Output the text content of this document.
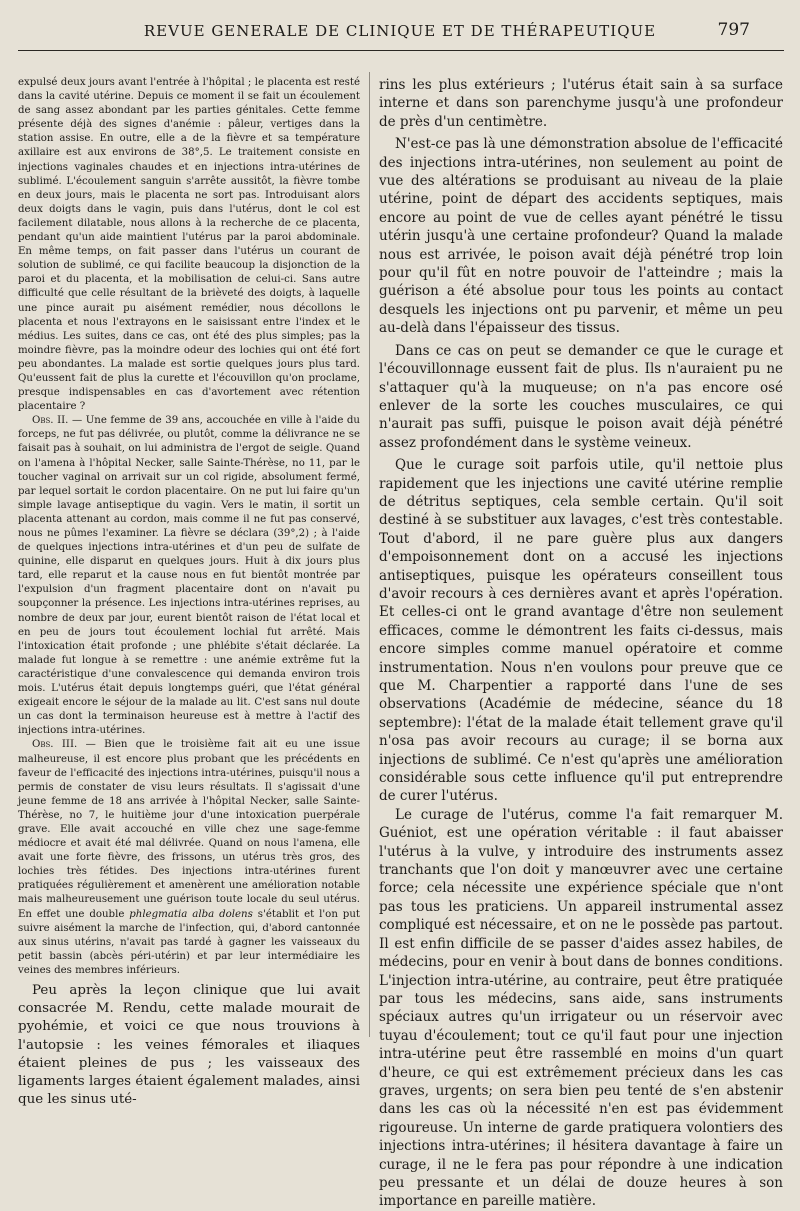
REVUE GENERALE DE CLINIQUE ET DE THÉRAPEUTIQUE	797

expulsé deux jours avant l'entrée à l'hôpital ; le placenta est resté dans la cavité utérine. Depuis ce moment il se fait un écoulement de sang assez abondant par les parties génitales. Cette femme présente déjà des signes d'anémie : pâleur, vertiges dans la station assise. En outre, elle a de la fièvre et sa température axillaire est aux environs de 38°,5. Le traitement consiste en injections vaginales chaudes et en injections intra-utérines de sublimé. L'écoulement sanguin s'arrête aussitôt, la fièvre tombe en deux jours, mais le placenta ne sort pas. Introduisant alors deux doigts dans le vagin, puis dans l'utérus, dont le col est facilement dilatable, nous allons à la recherche de ce placenta, pendant qu'un aide maintient l'utérus par la paroi abdominale. En même temps, on fait passer dans l'utérus un courant de solution de sublimé, ce qui facilite beaucoup la disjonction de la paroi et du placenta, et la mobilisation de celui-ci. Sans autre difficulté que celle résultant de la brièveté des doigts, à laquelle une pince aurait pu aisément remédier, nous décollons le placenta et nous l'extrayons en le saisissant entre l'index et le médius. Les suites, dans ce cas, ont été des plus simples; pas la moindre fièvre, pas la moindre odeur des lochies qui ont été fort peu abondantes. La malade est sortie quelques jours plus tard. Qu'eussent fait de plus la curette et l'écouvillon qu'on proclame, presque indispensables en cas d'avortement avec rétention placentaire ?

Obs. II. — Une femme de 39 ans, accouchée en ville à l'aide du forceps, ne fut pas délivrée, ou plutôt, comme la délivrance ne se faisait pas à souhait, on lui administra de l'ergot de seigle. Quand on l'amena à l'hôpital Necker, salle Sainte-Thérèse, no 11, par le toucher vaginal on arrivait sur un col rigide, absolument fermé, par lequel sortait le cordon placentaire. On ne put lui faire qu'un simple lavage antiseptique du vagin. Vers le matin, il sortit un placenta attenant au cordon, mais comme il ne fut pas conservé, nous ne pûmes l'examiner. La fièvre se déclara (39°,2) ; à l'aide de quelques injections intra-utérines et d'un peu de sulfate de quinine, elle disparut en quelques jours. Huit à dix jours plus tard, elle reparut et la cause nous en fut bientôt montrée par l'expulsion d'un fragment placentaire dont on n'avait pu soupçonner la présence. Les injections intra-utérines reprises, au nombre de deux par jour, eurent bientôt raison de l'état local et en peu de jours tout écoulement lochial fut arrêté. Mais l'intoxication était profonde ; une phlébite s'était déclarée. La malade fut longue à se remettre : une anémie extrême fut la caractéristique d'une convalescence qui demanda environ trois mois. L'utérus était depuis longtemps guéri, que l'état général exigeait encore le séjour de la malade au lit. C'est sans nul doute un cas dont la terminaison heureuse est à mettre à l'actif des injections intra-utérines.

Obs. III. — Bien que le troisième fait ait eu une issue malheureuse, il est encore plus probant que les précédents en faveur de l'efficacité des injections intra-utérines, puisqu'il nous a permis de constater de visu leurs résultats. Il s'agissait d'une jeune femme de 18 ans arrivée à l'hôpital Necker, salle Sainte-Thérèse, no 7, le huitième jour d'une intoxication puerpérale grave. Elle avait accouché en ville chez une sage-femme médiocre et avait été mal délivrée. Quand on nous l'amena, elle avait une forte fièvre, des frissons, un utérus très gros, des lochies très fétides. Des injections intra-utérines furent pratiquées régulièrement et amenèrent une amélioration notable mais malheureusement une guérison toute locale du seul utérus. En effet une double phlegmatia alba dolens s'établit et l'on put suivre aisément la marche de l'infection, qui, d'abord cantonnée aux sinus utérins, n'avait pas tardé à gagner les vaisseaux du petit bassin (abcès péri-utérin) et par leur intermédiaire les veines des membres inférieurs.

Peu après la leçon clinique que lui avait consacrée M. Rendu, cette malade mourait de pyohémie, et voici ce que nous trouvions à l'autopsie : les veines fémorales et iliaques étaient pleines de pus ; les vaisseaux des ligaments larges étaient également malades, ainsi que les sinus uté-

rins les plus extérieurs ; l'utérus était sain à sa surface interne et dans son parenchyme jusqu'à une profondeur de près d'un centimètre.

N'est-ce pas là une démonstration absolue de l'efficacité des injections intra-utérines, non seulement au point de vue des altérations se produisant au niveau de la plaie utérine, point de départ des accidents septiques, mais encore au point de vue de celles ayant pénétré le tissu utérin jusqu'à une certaine profondeur? Quand la malade nous est arrivée, le poison avait déjà pénétré trop loin pour qu'il fût en notre pouvoir de l'atteindre ; mais la guérison a été absolue pour tous les points au contact desquels les injections ont pu parvenir, et même un peu au-delà dans l'épaisseur des tissus.

Dans ce cas on peut se demander ce que le curage et l'écouvillonnage eussent fait de plus. Ils n'auraient pu ne s'attaquer qu'à la muqueuse; on n'a pas encore osé enlever de la sorte les couches musculaires, ce qui n'aurait pas suffi, puisque le poison avait déjà pénétré assez profondément dans le système veineux.

Que le curage soit parfois utile, qu'il nettoie plus rapidement que les injections une cavité utérine remplie de détritus septiques, cela semble certain. Qu'il soit destiné à se substituer aux lavages, c'est très contestable. Tout d'abord, il ne pare guère plus aux dangers d'empoisonnement dont on a accusé les injections antiseptiques, puisque les opérateurs conseillent tous d'avoir recours à ces dernières avant et après l'opération. Et celles-ci ont le grand avantage d'être non seulement efficaces, comme le démontrent les faits ci-dessus, mais encore simples comme manuel opératoire et comme instrumentation. Nous n'en voulons pour preuve que ce que M. Charpentier a rapporté dans l'une de ses observations (Académie de médecine, séance du 18 septembre): l'état de la malade était tellement grave qu'il n'osa pas avoir recours au curage; il se borna aux injections de sublimé. Ce n'est qu'après une amélioration considérable sous cette influence qu'il put entreprendre de curer l'utérus.

Le curage de l'utérus, comme l'a fait remarquer M. Guéniot, est une opération véritable : il faut abaisser l'utérus à la vulve, y introduire des instruments assez tranchants que l'on doit y manœuvrer avec une certaine force; cela nécessite une expérience spéciale que n'ont pas tous les praticiens. Un appareil instrumental assez compliqué est nécessaire, et on ne le possède pas partout. Il est enfin difficile de se passer d'aides assez habiles, de médecins, pour en venir à bout dans de bonnes conditions. L'injection intra-utérine, au contraire, peut être pratiquée par tous les médecins, sans aide, sans instruments spéciaux autres qu'un irrigateur ou un réservoir avec tuyau d'écoulement; tout ce qu'il faut pour une injection intra-utérine peut être rassemblé en moins d'un quart d'heure, ce qui est extrêmement précieux dans les cas graves, urgents; on sera bien peu tenté de s'en abstenir dans les cas où la nécessité n'en est pas évidemment rigoureuse. Un interne de garde pratiquera volontiers des injections intra-utérines; il hésitera davantage à faire un curage, il ne le fera pas pour répondre à une indication peu pressante et un délai de douze heures à son importance en pareille matière.
